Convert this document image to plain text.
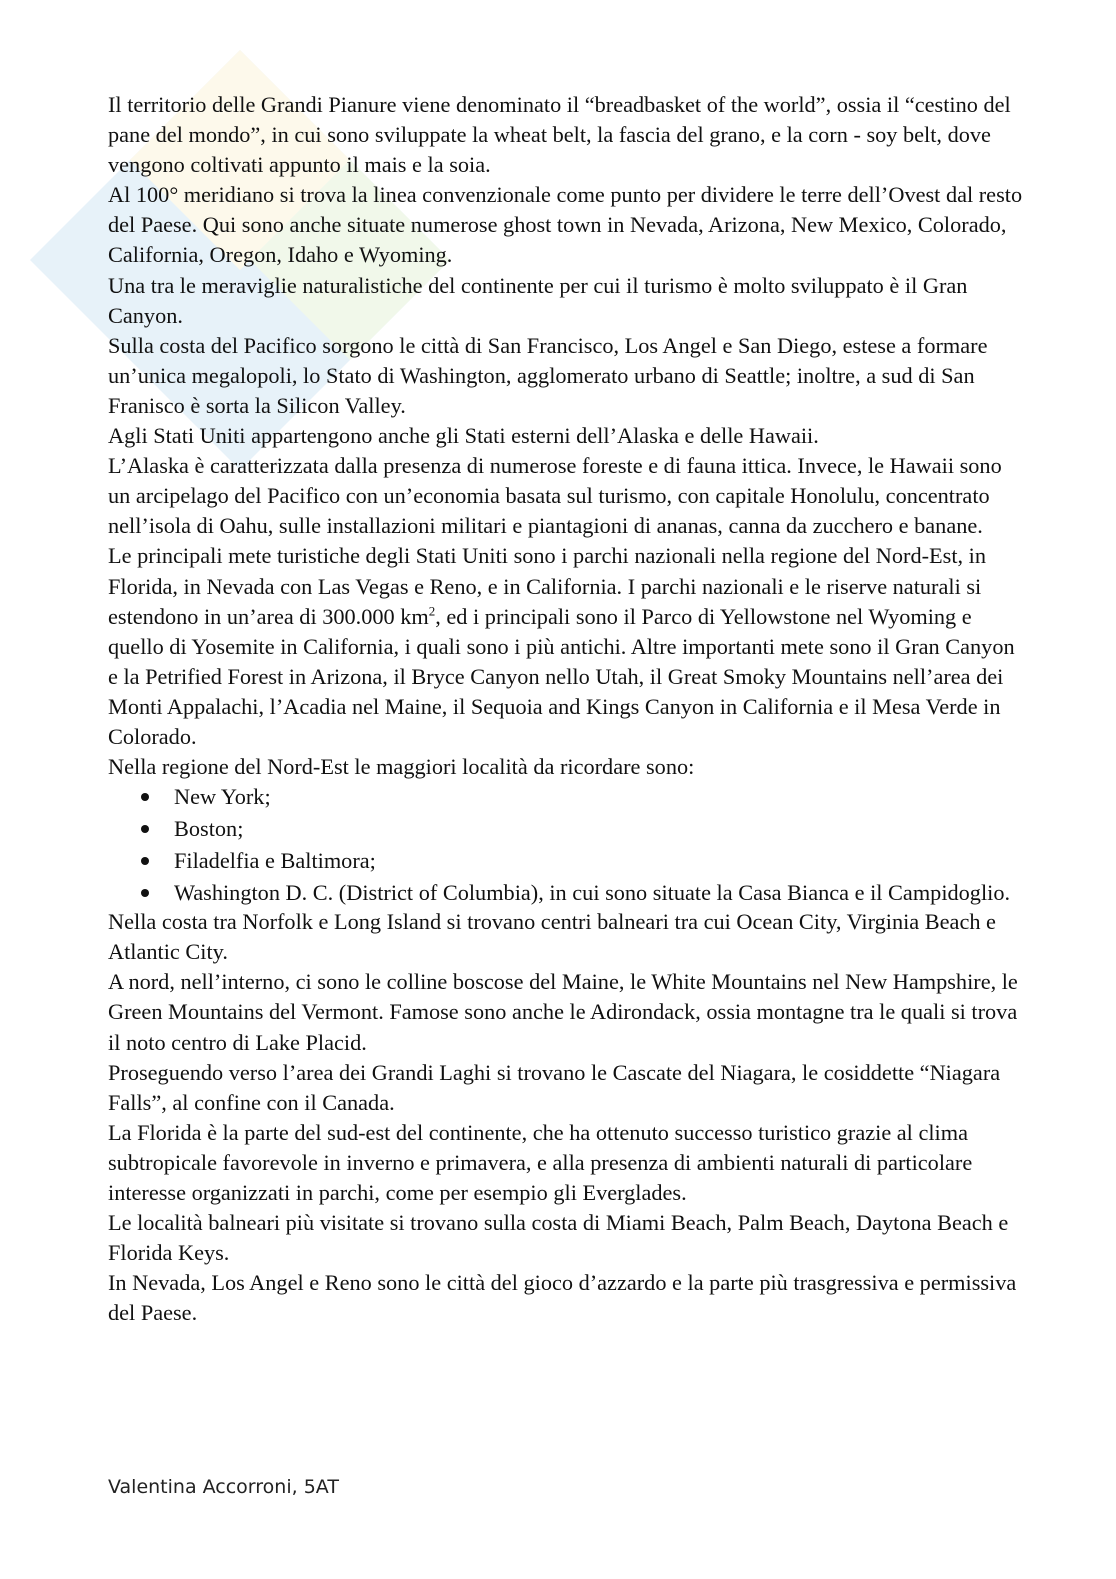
Il territorio delle Grandi Pianure viene denominato il “breadbasket of the world”, ossia il “cestino del pane del mondo”, in cui sono sviluppate la wheat belt, la fascia del grano, e la corn - soy belt, dove vengono coltivati appunto il mais e la soia.

Al 100° meridiano si trova la linea convenzionale come punto per dividere le terre dell’Ovest dal resto del Paese. Qui sono anche situate numerose ghost town in Nevada, Arizona, New Mexico, Colorado, California, Oregon, Idaho e Wyoming.

Una tra le meraviglie naturalistiche del continente per cui il turismo è molto sviluppato è il Gran Canyon.

Sulla costa del Pacifico sorgono le città di San Francisco, Los Angel e San Diego, estese a formare un’unica megalopoli, lo Stato di Washington, agglomerato urbano di Seattle; inoltre, a sud di San Franisco è sorta la Silicon Valley.

Agli Stati Uniti appartengono anche gli Stati esterni dell’Alaska e delle Hawaii.

L’Alaska è caratterizzata dalla presenza di numerose foreste e di fauna ittica. Invece, le Hawaii sono un arcipelago del Pacifico con un’economia basata sul turismo, con capitale Honolulu, concentrato nell’isola di Oahu, sulle installazioni militari e piantagioni di ananas, canna da zucchero e banane.

Le principali mete turistiche degli Stati Uniti sono i parchi nazionali nella regione del Nord-Est, in Florida, in Nevada con Las Vegas e Reno, e in California. I parchi nazionali e le riserve naturali si estendono in un’area di 300.000 $km^2$, ed i principali sono il Parco di Yellowstone nel Wyoming e quello di Yosemite in California, i quali sono i più antichi. Altre importanti mete sono il Gran Canyon e la Petrified Forest in Arizona, il Bryce Canyon nello Utah, il Great Smoky Mountains nell’area dei Monti Appalachi, l’Acadia nel Maine, il Sequoia and Kings Canyon in California e il Mesa Verde in Colorado.

Nella regione del Nord-Est le maggiori località da ricordare sono:

New York;
Boston;
Filadelfia e Baltimora;
Washington D. C. (District of Columbia), in cui sono situate la Casa Bianca e il Campidoglio.

Nella costa tra Norfolk e Long Island si trovano centri balneari tra cui Ocean City, Virginia Beach e Atlantic City.

A nord, nell’interno, ci sono le colline boscose del Maine, le White Mountains nel New Hampshire, le Green Mountains del Vermont. Famose sono anche le Adirondack, ossia montagne tra le quali si trova il noto centro di Lake Placid.

Proseguendo verso l’area dei Grandi Laghi si trovano le Cascate del Niagara, le cosiddette “Niagara Falls”, al confine con il Canada.

La Florida è la parte del sud-est del continente, che ha ottenuto successo turistico grazie al clima subtropicale favorevole in inverno e primavera, e alla presenza di ambienti naturali di particolare interesse organizzati in parchi, come per esempio gli Everglades.

Le località balneari più visitate si trovano sulla costa di Miami Beach, Palm Beach, Daytona Beach e Florida Keys.

In Nevada, Los Angel e Reno sono le città del gioco d’azzardo e la parte più trasgressiva e permissiva del Paese.

Valentina Accorroni, 5AT
